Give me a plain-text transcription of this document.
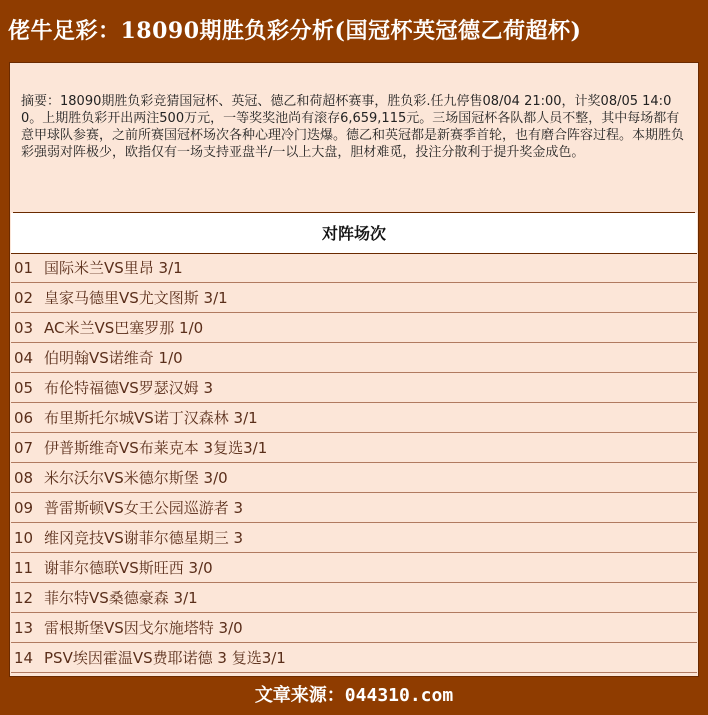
佬牛足彩：18090期胜负彩分析(国冠杯英冠德乙荷超杯)
摘要：18090期胜负彩竞猜国冠杯、英冠、德乙和荷超杯赛事，胜负彩.任九停售08/04 21:00，计奖08/05 14:00。上期胜负彩开出两注500万元，一等奖奖池尚有滚存6,659,115元。三场国冠杯各队都人员不整，其中每场都有意甲球队参赛，之前所赛国冠杯场次各种心理冷门迭爆。德乙和英冠都是新赛季首轮，也有磨合阵容过程。本期胜负彩强弱对阵极少，欧指仅有一场支持亚盘半/一以上大盘，胆材难觅，投注分散利于提升奖金成色。
对阵场次
01 国际米兰VS里昂 3/1
02 皇家马德里VS尤文图斯 3/1
03 AC米兰VS巴塞罗那 1/0
04 伯明翰VS诺维奇 1/0
05 布伦特福德VS罗瑟汉姆 3
06 布里斯托尔城VS诺丁汉森林 3/1
07 伊普斯维奇VS布莱克本 3复选3/1
08 米尔沃尔VS米德尔斯堡 3/0
09 普雷斯顿VS女王公园巡游者 3
10 维冈竞技VS谢菲尔德星期三 3
11 谢菲尔德联VS斯旺西 3/0
12 菲尔特VS桑德豪森 3/1
13 雷根斯堡VS因戈尔施塔特 3/0
14 PSV埃因霍温VS费耶诺德 3 复选3/1
文章来源：044310.com
